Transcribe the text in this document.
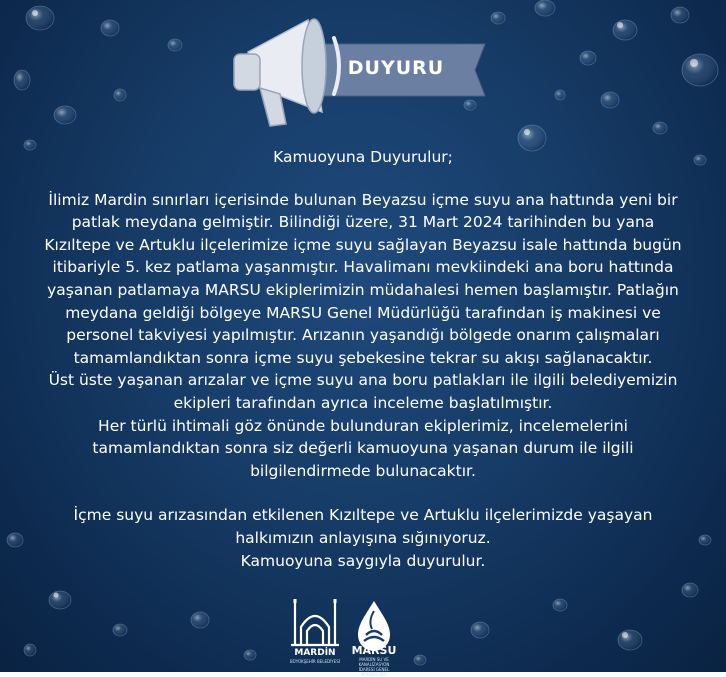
DUYURU

Kamuoyuna Duyurulur;

İlimiz Mardin sınırları içerisinde bulunan Beyazsu içme suyu ana hattında yeni bir

patlak meydana gelmiştir. Bilindiği üzere, 31 Mart 2024 tarihinden bu yana

Kızıltepe ve Artuklu ilçelerimize içme suyu sağlayan Beyazsu isale hattında bugün

itibariyle 5. kez patlama yaşanmıştır. Havalimanı mevkiindeki ana boru hattında

yaşanan patlamaya MARSU ekiplerimizin müdahalesi hemen başlamıştır. Patlağın

meydana geldiği bölgeye MARSU Genel Müdürlüğü tarafından iş makinesi ve

personel takviyesi yapılmıştır. Arızanın yaşandığı bölgede onarım çalışmaları

tamamlandıktan sonra içme suyu şebekesine tekrar su akışı sağlanacaktır.

Üst üste yaşanan arızalar ve içme suyu ana boru patlakları ile ilgili belediyemizin

ekipleri tarafından ayrıca inceleme başlatılmıştır.

Her türlü ihtimali göz önünde bulunduran ekiplerimiz, incelemelerini

tamamlandıktan sonra siz değerli kamuoyuna yaşanan durum ile ilgili

bilgilendirmede bulunacaktır.

İçme suyu arızasından etkilenen Kızıltepe ve Artuklu ilçelerimizde yaşayan

halkımızın anlayışına sığınıyoruz.

Kamuoyuna saygıyla duyurulur.

MARDİN
BÜYÜKŞEHİR BELEDİYESİ
MARSU
MARDİN SU VE KANALİZASYON İDARESİ GENEL MÜDÜRLÜĞÜ
